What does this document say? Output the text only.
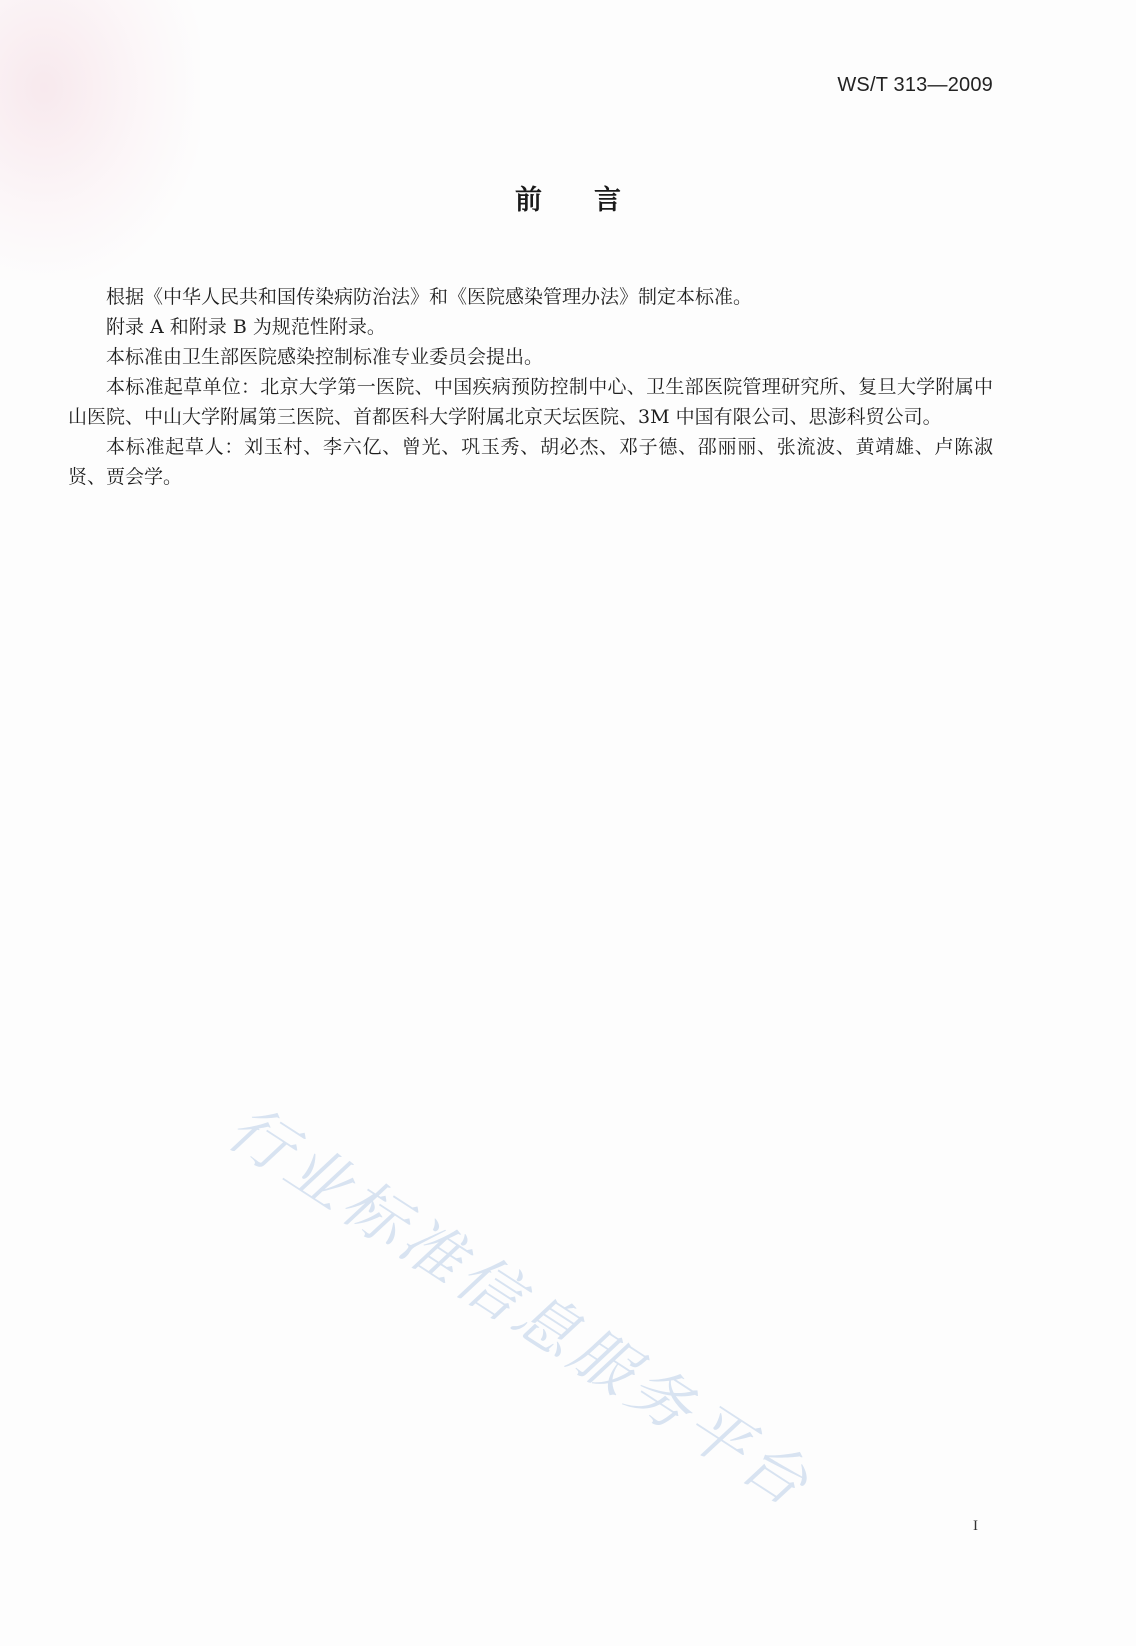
WS/T 313—2009
前言

根据《中华人民共和国传染病防治法》和《医院感染管理办法》制定本标准。

附录 A 和附录 B 为规范性附录。

本标准由卫生部医院感染控制标准专业委员会提出。

本标准起草单位：北京大学第一医院、中国疾病预防控制中心、卫生部医院管理研究所、复旦大学附属中山医院、中山大学附属第三医院、首都医科大学附属北京天坛医院、3M 中国有限公司、思澎科贸公司。

本标准起草人：刘玉村、李六亿、曾光、巩玉秀、胡必杰、邓子德、邵丽丽、张流波、黄靖雄、卢陈淑贤、贾会学。

行业标准信息服务平台
I
